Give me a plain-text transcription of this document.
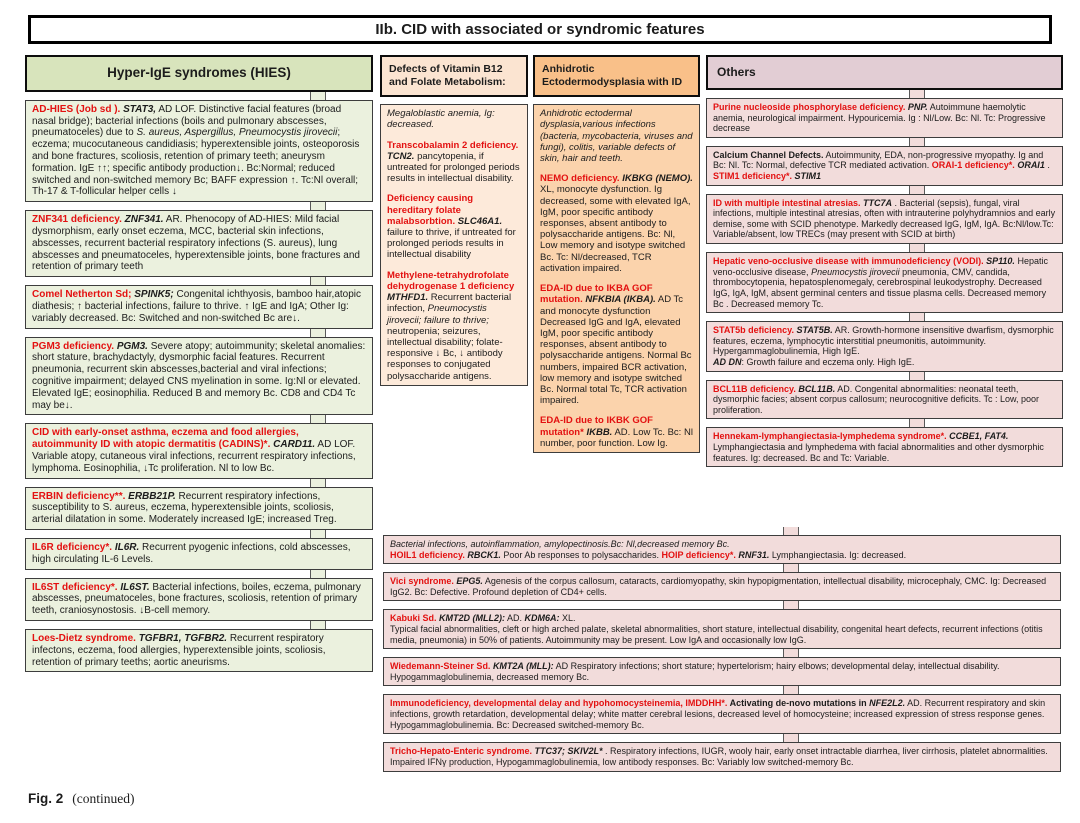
IIb. CID with associated or syndromic features
Hyper-IgE syndromes (HIES)

AD-HIES (Job sd ). STAT3, AD LOF. Distinctive facial features (broad nasal bridge); bacterial infections (boils and pulmonary abscesses, pneumatoceles) due to S. aureus, Aspergillus, Pneumocystis jirovecii; eczema; mucocutaneous candidiasis; hyperextensible joints, osteoporosis and bone fractures, scoliosis, retention of primary teeth; aneurysm formation. IgE ↑↑; specific antibody production↓. Bc:Normal; reduced switched and non-switched memory Bc; BAFF expression ↑. Tc:Nl overall; Th-17 & T-follicular helper cells ↓

ZNF341 deficiency. ZNF341. AR. Phenocopy of AD-HIES: Mild facial dysmorphism, early onset eczema, MCC, bacterial skin infections, abscesses, recurrent bacterial respiratory infections (S. aureus), lung abscesses and pneumatoceles, hyperextensible joints, bone fractures and retention of primary teeth

Comel Netherton Sd; SPINK5; Congenital ichthyosis, bamboo hair,atopic diathesis; ↑ bacterial infections, failure to thrive. ↑ IgE and IgA; Other Ig: variably decreased. Bc: Switched and non-switched Bc are↓.

PGM3 deficiency. PGM3. Severe atopy; autoimmunity; skeletal anomalies: short stature, brachydactyly, dysmorphic facial features. Recurrent pneumonia, recurrent skin abscesses,bacterial and viral infections; cognitive impairment; delayed CNS myelination in some. Ig:Nl or elevated. Elevated IgE; eosinophilia. Reduced B and memory Bc. CD8 and CD4 Tc may be↓.

CID with early-onset asthma, eczema and food allergies, autoimmunity ID with atopic dermatitis (CADINS)*. CARD11. AD LOF. Variable atopy, cutaneous viral infections, recurrent respiratory infections, lymphoma. Eosinophilia, ↓Tc proliferation. Nl to low Bc.

ERBIN deficiency**. ERBB21P. Recurrent respiratory infections, susceptibility to S. aureus, eczema, hyperextensible joints, scoliosis, arterial dilatation in some. Moderately increased IgE; increased Treg.

IL6R deficiency*. IL6R. Recurrent pyogenic infections, cold abscesses, high circulating IL-6 Levels.

IL6ST deficiency*. IL6ST. Bacterial infections, boiles, eczema, pulmonary abscesses, pneumatoceles, bone fractures, scoliosis, retention of primary teeth, craniosynostosis. ↓B-cell memory.

Loes-Dietz syndrome. TGFBR1, TGFBR2. Recurrent respiratory infectons, eczema, food allergies, hyperextensible joints, scoliosis, retention of primary teeths; aortic aneurisms.

Defects of Vitamin B12 and Folate Metabolism:

Megaloblastic anemia, Ig: decreased.

Transcobalamin 2 deficiency. TCN2. pancytopenia, if untreated for prolonged periods results in intellectual disability.

Deficiency causing hereditary folate malabsorbtion. SLC46A1. failure to thrive, if untreated for prolonged periods results in intellectual disability

Methylene-tetrahydrofolate dehydrogenase 1 deficiency MTHFD1. Recurrent bacterial infection, Pneumocystis jirovecii; failure to thrive; neutropenia; seizures, intellectual disability; folate-responsive ↓ Bc, ↓ antibody responses to conjugated polysaccharide antigens.

Anhidrotic Ectodermodysplasia with ID

Anhidrotic ectodermal dysplasia,various infections (bacteria, mycobacteria, viruses and fungi), colitis, variable defects of skin, hair and teeth.

NEMO deficiency. IKBKG (NEMO). XL, monocyte dysfunction. Ig decreased, some with elevated IgA, IgM, poor specific antibody responses, absent antibody to polysaccharide antigens. Bc: Nl, Low memory and isotype switched Bc. Tc: Nl/decreased, TCR activation impaired.

EDA-ID due to IKBA GOF mutation. NFKBIA (IKBA). AD Tc and monocyte dysfunction Decreased IgG and IgA, elevated IgM, poor specific antibody responses, absent antibody to polysaccharide antigens. Normal Bc numbers, impaired BCR activation, low memory and isotype switched Bc. Normal total Tc, TCR activation impaired.

EDA-ID due to IKBK GOF mutation* IKBB. AD. Low Tc. Bc: Nl number, poor function. Low Ig.

Others

Purine nucleoside phosphorylase deficiency. PNP. Autoimmune haemolytic anemia, neurological impairment. Hypouricemia. Ig : Nl/Low. Bc: Nl. Tc: Progressive decrease

Calcium Channel Defects. Autoimmunity, EDA, non-progressive myopathy. Ig and Bc: Nl. Tc: Normal, defective TCR mediated activation. ORAI-1 deficiency*. ORAI1 . STIM1 deficiency*. STIM1

ID with multiple intestinal atresias. TTC7A . Bacterial (sepsis), fungal, viral infections, multiple intestinal atresias, often with intrauterine polyhydramnios and early demise, some with SCID phenotype. Markedly decreased IgG, IgM, IgA. Bc:Nl/low.Tc: Variable/absent, low TRECs (may present with SCID at birth)

Hepatic veno-occlusive disease with immunodeficiency (VODI). SP110. Hepatic veno-occlusive disease, Pneumocystis jirovecii pneumonia, CMV, candida, thrombocytopenia, hepatosplenomegaly, cerebrospinal leukodystrophy. Decreased IgG, IgA, IgM, absent germinal centers and tissue plasma cells. Decreased memory Bc . Decreased memory Tc.

STAT5b deficiency. STAT5B. AR. Growth-hormone insensitive dwarfism, dysmorphic features, eczema, lymphocytic interstitial pneumonitis, autoimmunity. Hypergammaglobulinemia, High IgE.
AD DN: Growth failure and eczema only. High IgE.

BCL11B deficiency. BCL11B. AD. Congenital abnormalities: neonatal teeth, dysmorphic facies; absent corpus callosum; neurocognitive deficits. Tc : Low, poor proliferation.

Hennekam-lymphangiectasia-lymphedema syndrome*. CCBE1, FAT4. Lymphangiectasia and lymphedema with facial abnormalities and other dysmorphic features. Ig: decreased. Bc and Tc: Variable.

Bacterial infections, autoinflammation, amylopectinosis.Bc: Nl,decreased memory Bc.
HOIL1 deficiency. RBCK1. Poor Ab responses to polysaccharides. HOIP deficiency*. RNF31. Lymphangiectasia. Ig: decreased.

Vici syndrome. EPG5. Agenesis of the corpus callosum, cataracts, cardiomyopathy, skin hypopigmentation, intellectual disability, microcephaly, CMC. Ig: Decreased IgG2. Bc: Defective. Profound depletion of CD4+ cells.

Kabuki Sd. KMT2D (MLL2): AD. KDM6A: XL.
Typical facial abnormalities, cleft or high arched palate, skeletal abnormalities, short stature, intellectual disability, congenital heart defects, recurrent infections (otitis media, pneumonia) in 50% of patients. Autoimmunity may be present. Low IgA and occasionally low IgG.

Wiedemann-Steiner Sd. KMT2A (MLL): AD Respiratory infections; short stature; hypertelorism; hairy elbows; developmental delay, intellectual disability. Hypogammaglobulinemia, decreased memory Bc.

Immunodeficiency, developmental delay and hypohomocysteinemia, IMDDHH*. Activating de-novo mutations in NFE2L2. AD. Recurrent respiratory and skin infections, growth retardation, developmental delay; white matter cerebral lesions, decreased level of homocysteine; increased expression of stress response genes. Hypogammaglobulinemia. Bc: Decreased switched-memory Bc.

Tricho-Hepato-Enteric syndrome. TTC37; SKIV2L* . Respiratory infections, IUGR, wooly hair, early onset intractable diarrhea, liver cirrhosis, platelet abnormalities. Impaired IFNγ production, Hypogammaglobulinemia, low antibody responses. Bc: Variably low switched-memory Bc.

Fig. 2 (continued)
